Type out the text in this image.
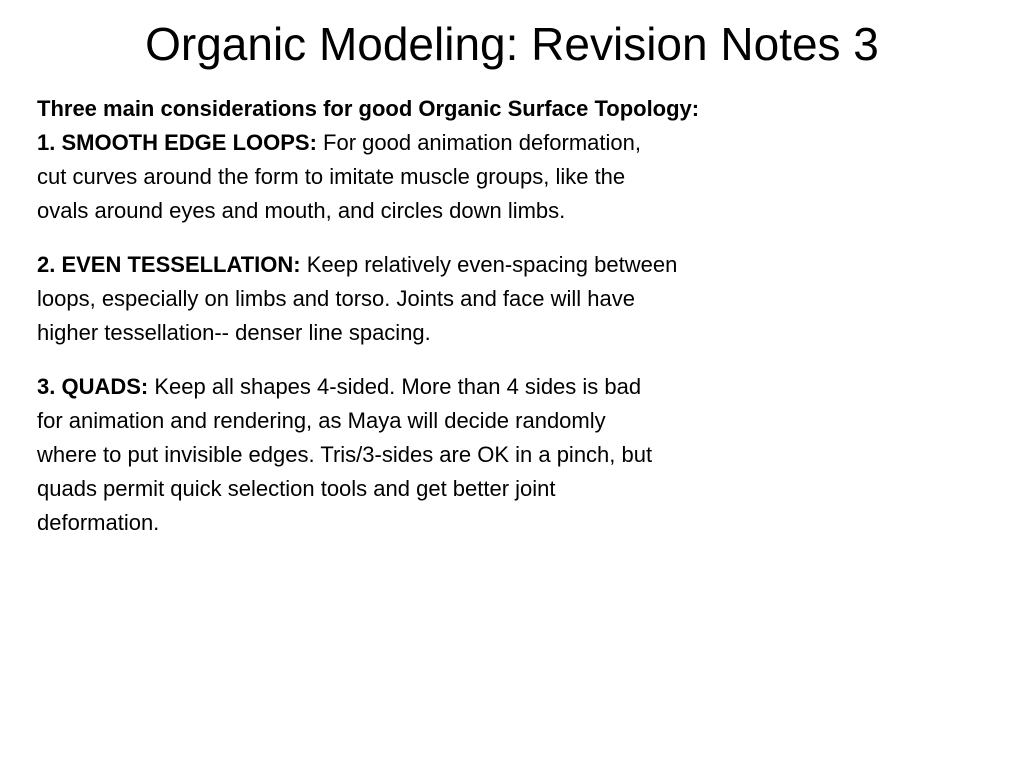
Organic Modeling: Revision Notes 3
Three main considerations for good Organic Surface Topology:
1. SMOOTH EDGE LOOPS: For good animation deformation,
cut curves around the form to imitate muscle groups, like the
ovals around eyes and mouth, and circles down limbs.
2. EVEN TESSELLATION: Keep relatively even-spacing between
loops, especially on limbs and torso. Joints and face will have
higher tessellation-- denser line spacing.
3. QUADS: Keep all shapes 4-sided. More than 4 sides is bad
for animation and rendering, as Maya will decide randomly
where to put invisible edges. Tris/3-sides are OK in a pinch, but
quads permit quick selection tools and get better joint
deformation.
